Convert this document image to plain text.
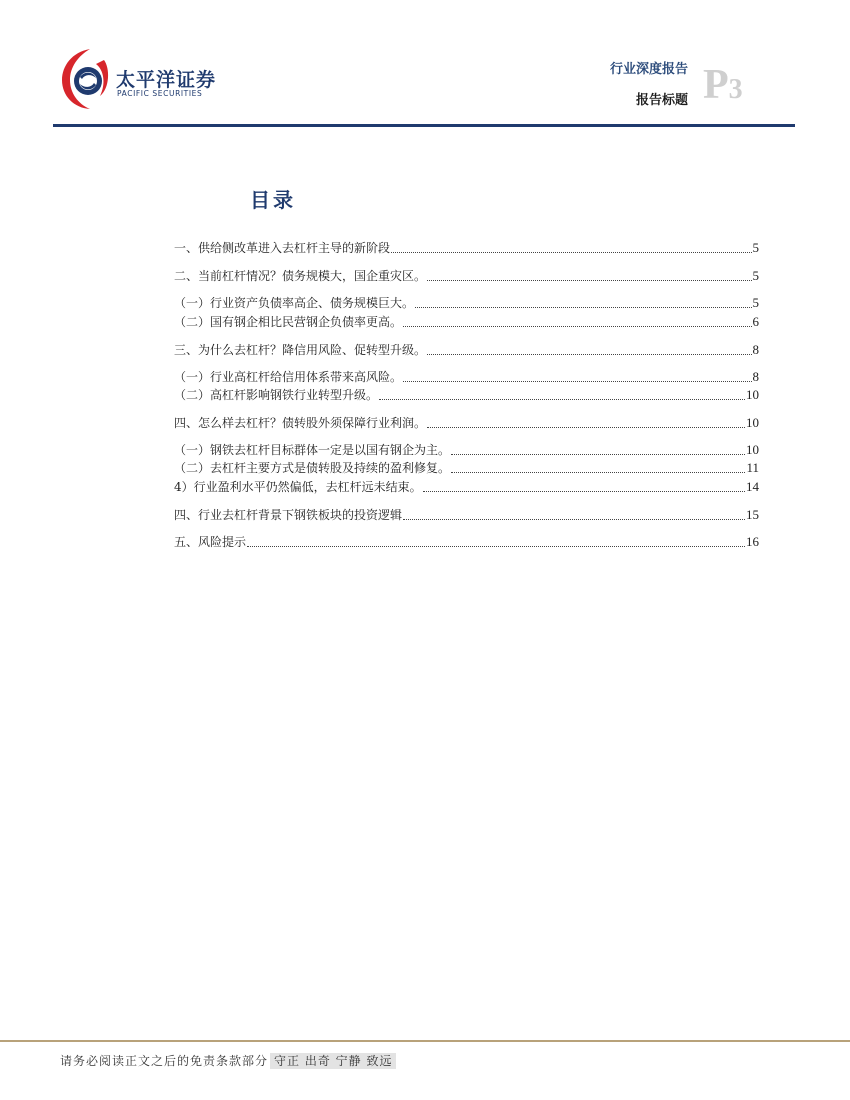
太平洋证券
PACIFIC SECURITIES
行业深度报告
报告标题 P3
目录
一、供给侧改革进入去杠杆主导的新阶段	5
二、当前杠杆情况？债务规模大，国企重灾区。	5
（一）行业资产负债率高企、债务规模巨大。	5
（二）国有钢企相比民营钢企负债率更高。	6
三、为什么去杠杆？降信用风险、促转型升级。	8
（一）行业高杠杆给信用体系带来高风险。	8
（二）高杠杆影响钢铁行业转型升级。	10
四、怎么样去杠杆？债转股外须保障行业利润。	10
（一）钢铁去杠杆目标群体一定是以国有钢企为主。	10
（二）去杠杆主要方式是债转股及持续的盈利修复。	11
4）行业盈利水平仍然偏低，去杠杆远未结束。	14
四、行业去杠杆背景下钢铁板块的投资逻辑	15
五、风险提示	16
请务必阅读正文之后的免责条款部分 守正 出奇 宁静 致远
